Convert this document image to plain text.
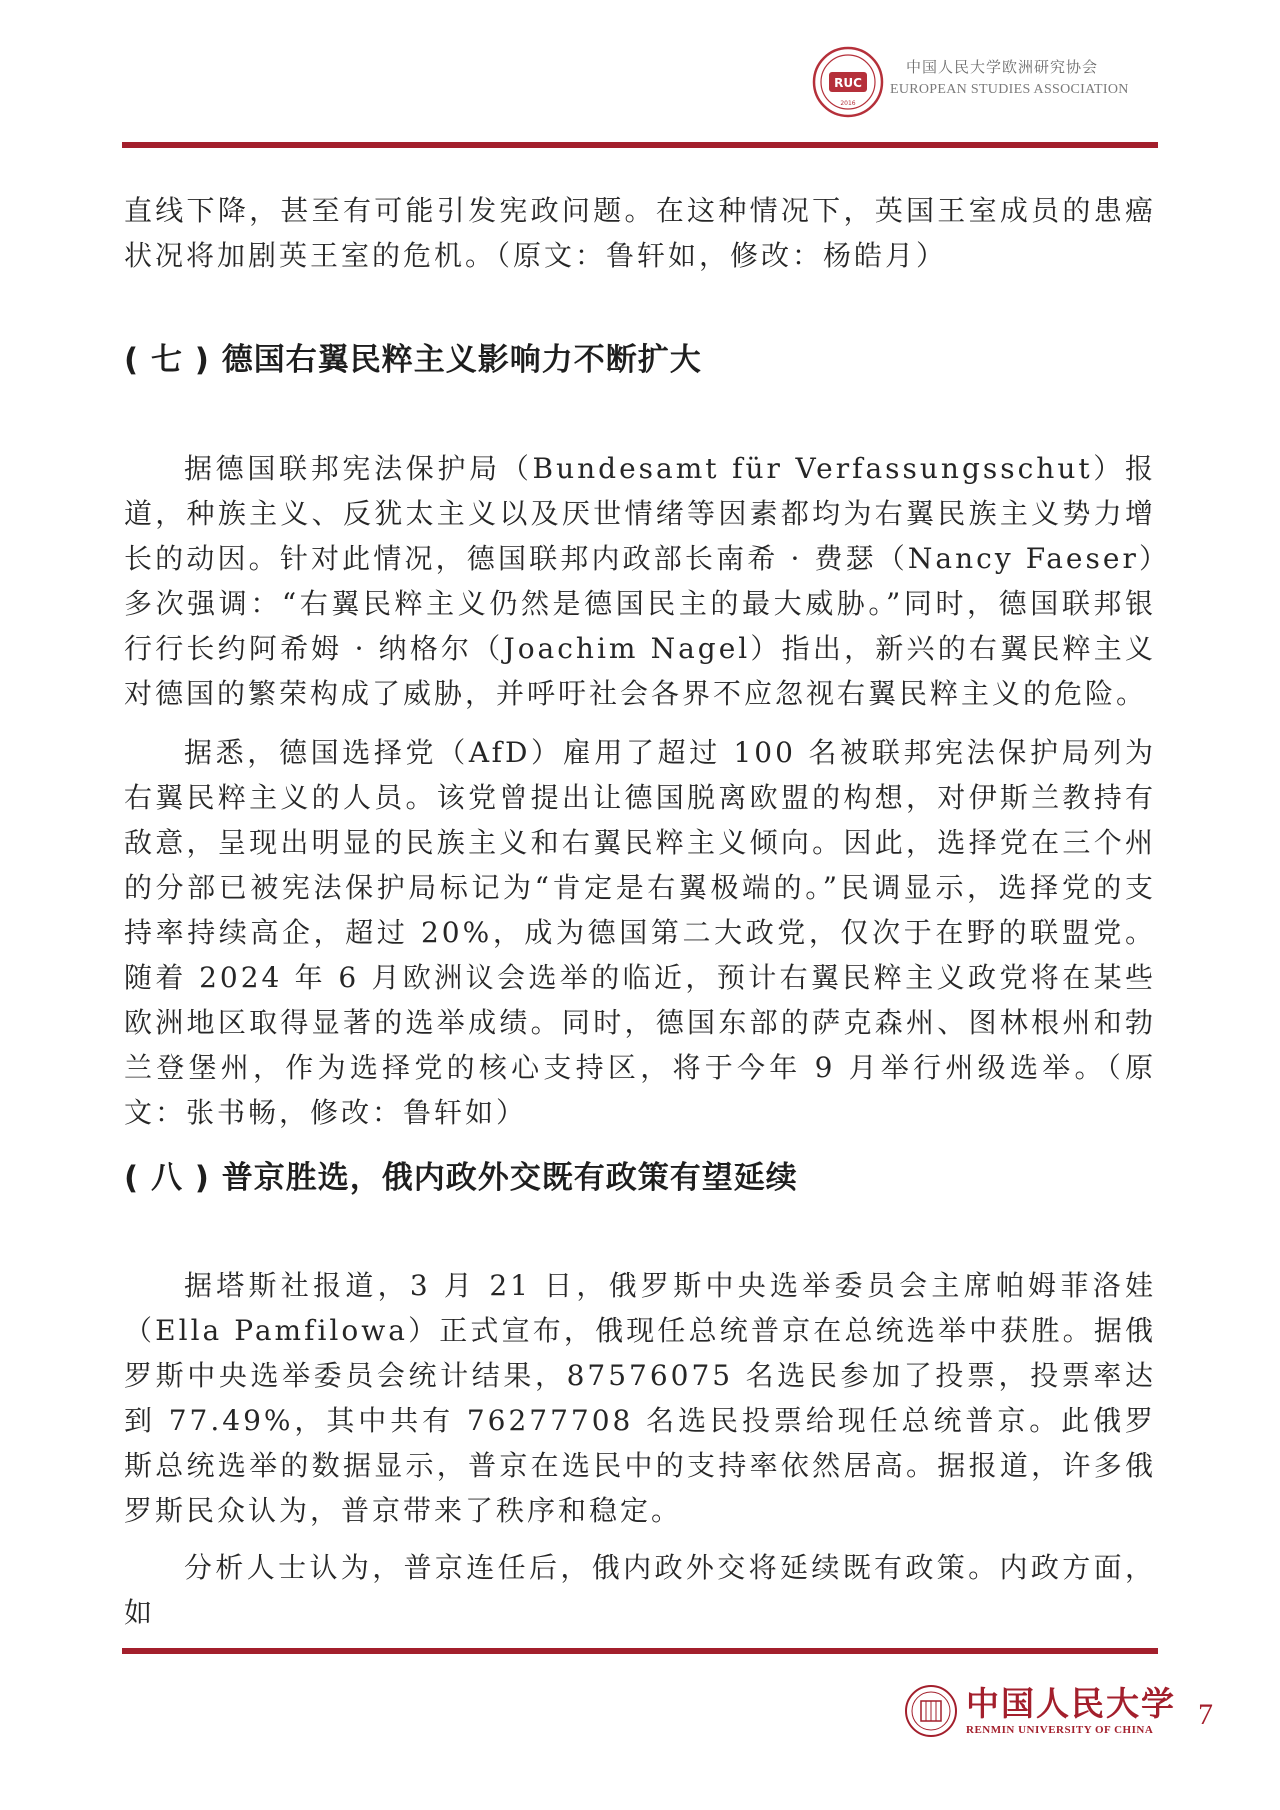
RUC
2016
中国人民大学欧洲研究协会
EUROPEAN STUDIES ASSOCIATION

直线下降，甚至有可能引发宪政问题。在这种情况下，英国王室成员的患癌状况将加剧英王室的危机。（原文：鲁轩如，修改：杨皓月）

( 七 ) 德国右翼民粹主义影响力不断扩大

据德国联邦宪法保护局（Bundesamt für Verfassungsschut）报道，种族主义、反犹太主义以及厌世情绪等因素都均为右翼民族主义势力增长的动因。针对此情况，德国联邦内政部长南希 · 费瑟（Nancy Faeser）多次强调：“右翼民粹主义仍然是德国民主的最大威胁。”同时，德国联邦银行行长约阿希姆 · 纳格尔（Joachim Nagel）指出，新兴的右翼民粹主义对德国的繁荣构成了威胁，并呼吁社会各界不应忽视右翼民粹主义的危险。

据悉，德国选择党（AfD）雇用了超过 100 名被联邦宪法保护局列为右翼民粹主义的人员。该党曾提出让德国脱离欧盟的构想，对伊斯兰教持有敌意，呈现出明显的民族主义和右翼民粹主义倾向。因此，选择党在三个州的分部已被宪法保护局标记为“肯定是右翼极端的。”民调显示，选择党的支持率持续高企，超过 20%，成为德国第二大政党，仅次于在野的联盟党。随着 2024 年 6 月欧洲议会选举的临近，预计右翼民粹主义政党将在某些欧洲地区取得显著的选举成绩。同时，德国东部的萨克森州、图林根州和勃兰登堡州，作为选择党的核心支持区，将于今年 9 月举行州级选举。（原文：张书畅，修改：鲁轩如）

( 八 ) 普京胜选，俄内政外交既有政策有望延续

据塔斯社报道，3 月 21 日，俄罗斯中央选举委员会主席帕姆菲洛娃（Ella Pamfilowa）正式宣布，俄现任总统普京在总统选举中获胜。据俄罗斯中央选举委员会统计结果，87576075 名选民参加了投票，投票率达到 77.49%，其中共有 76277708 名选民投票给现任总统普京。此俄罗斯总统选举的数据显示，普京在选民中的支持率依然居高。据报道，许多俄罗斯民众认为，普京带来了秩序和稳定。

分析人士认为，普京连任后，俄内政外交将延续既有政策。内政方面，如

中国人民大学
RENMIN UNIVERSITY OF CHINA 7
